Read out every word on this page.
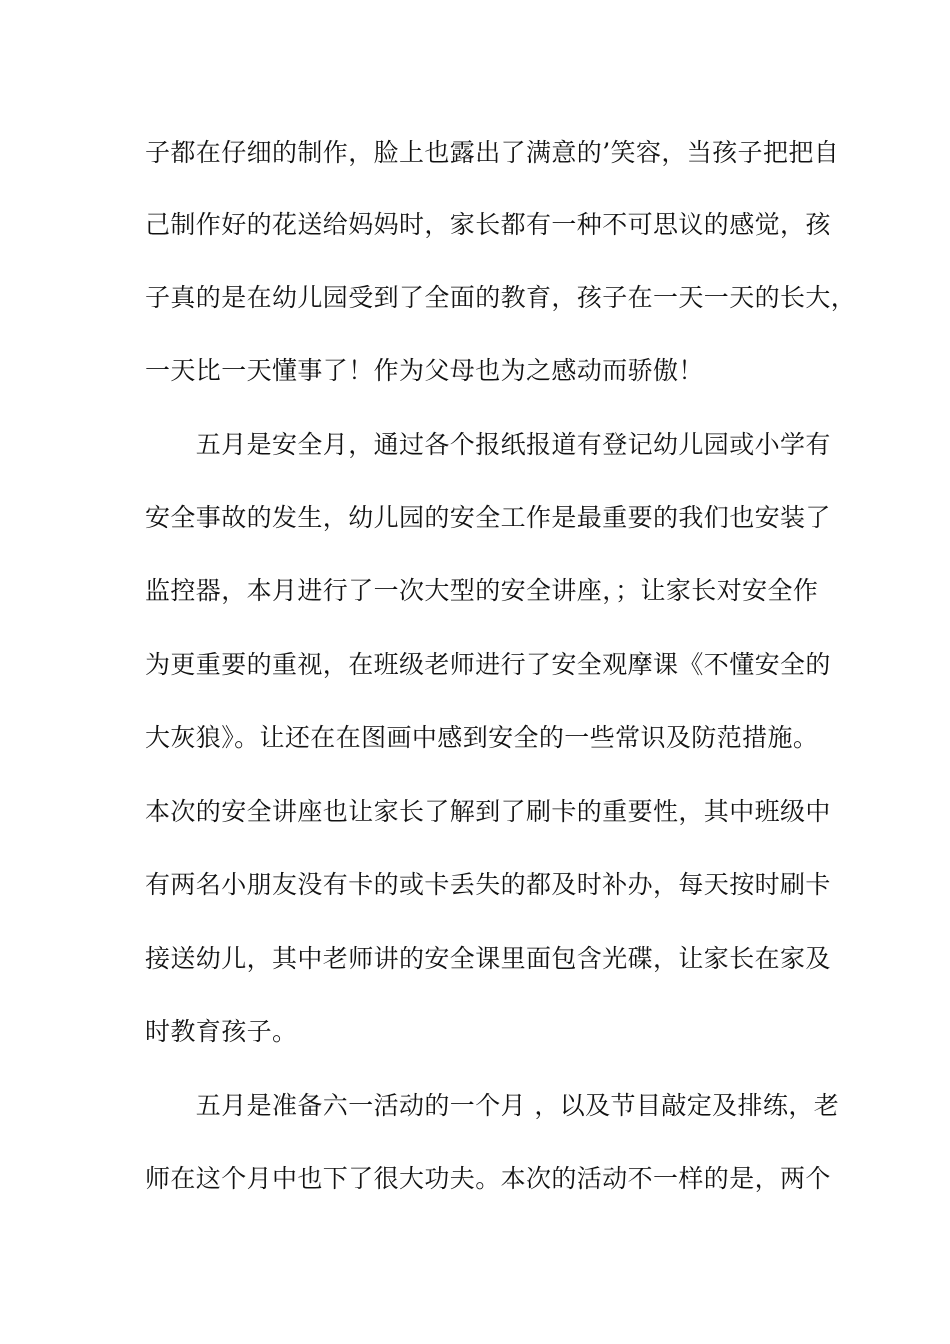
子都在仔细的制作，脸上也露出了满意的’笑容，当孩子把把自
己制作好的花送给妈妈时，家长都有一种不可思议的感觉，孩
子真的是在幼儿园受到了全面的教育，孩子在一天一天的长大，
一天比一天懂事了！作为父母也为之感动而骄傲！
　　五月是安全月，通过各个报纸报道有登记幼儿园或小学有
安全事故的发生，幼儿园的安全工作是最重要的我们也安装了
监控器，本月进行了一次大型的安全讲座，；让家长对安全作
为更重要的重视，在班级老师进行了安全观摩课《不懂安全的
大灰狼》。让还在在图画中感到安全的一些常识及防范措施。
本次的安全讲座也让家长了解到了刷卡的重要性，其中班级中
有两名小朋友没有卡的或卡丢失的都及时补办，每天按时刷卡
接送幼儿，其中老师讲的安全课里面包含光碟，让家长在家及
时教育孩子。
　　五月是准备六一活动的一个月 ，以及节目敲定及排练，老
师在这个月中也下了很大功夫。本次的活动不一样的是，两个
